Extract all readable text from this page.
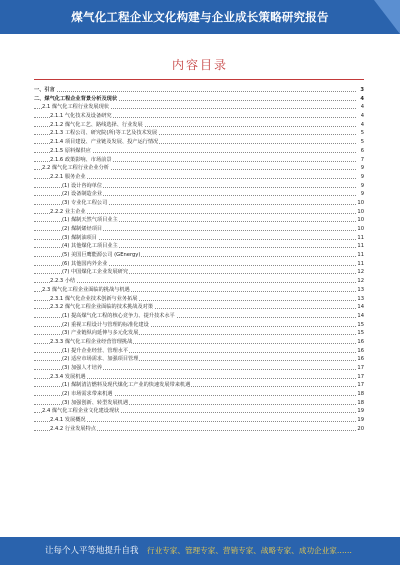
煤气化工程企业文化构建与企业成长策略研究报告
内容目录
一、引言	3
二、煤气化工程企业背景分析及现状	4
2.1 煤气化工程行业发展现状	4
2.1.1 气化技术及设备研究	4
2.1.2 煤气化工艺、路线选择、行业发展	4
2.1.3 工程公司、研究院(所)等工艺及技术发展	5
2.1.4 项目建设、产业链及发展、投产运行情况	5
2.1.5 原料煤供应	6
2.1.6 政策影响、市场前景	7
2.2 煤气化工程行业企业分析	9
2.2.1 服务企业	9
(1) 设计咨询单位	9
(2) 设备制造企业	9
(3) 专业化工程公司	10
2.2.2 业主企业	10
(1) 煤制天然气项目业主	10
(2) 煤制烯烃项目	10
(3) 煤制油项目	11
(4) 其他煤化工项目业主	11
(5) 美国巨鹰能源公司 (GEnergy)	11
(6) 其他国内外企业	11
(7) 中国煤化工企业发展研究	12
2.2.3 小结	12
2.3 煤气化工程企业面临的挑战与机遇	13
2.3.1 煤气化企业技术创新与业务拓展	13
2.3.2 煤气化工程企业面临的技术挑战及对策	14
(1) 提高煤气化工程的核心竞争力、提升技术水平	14
(2) 重视工程设计与管理的标准化建设	15
(3) 产业链纵向延伸与多元化发展	15
2.3.3 煤气化工程企业经营管理挑战	16
(1) 提升企业经营、管理水平	16
(2) 适应市场需求、加强项目管理	16
(3) 加强人才培养	17
2.3.4 发展机遇	17
(1) 煤制清洁燃料及现代煤化工产业的快速发展带来机遇	17
(2) 市场需求带来机遇	18
(3) 加强创新、转型发展机遇	18
2.4 煤气化工程企业文化建设现状	19
2.4.1 发展概况	19
2.4.2 行业发展特点	20
让每个人平等地提升自我 行业专家、管理专家、营销专家、战略专家、成功企业家……
